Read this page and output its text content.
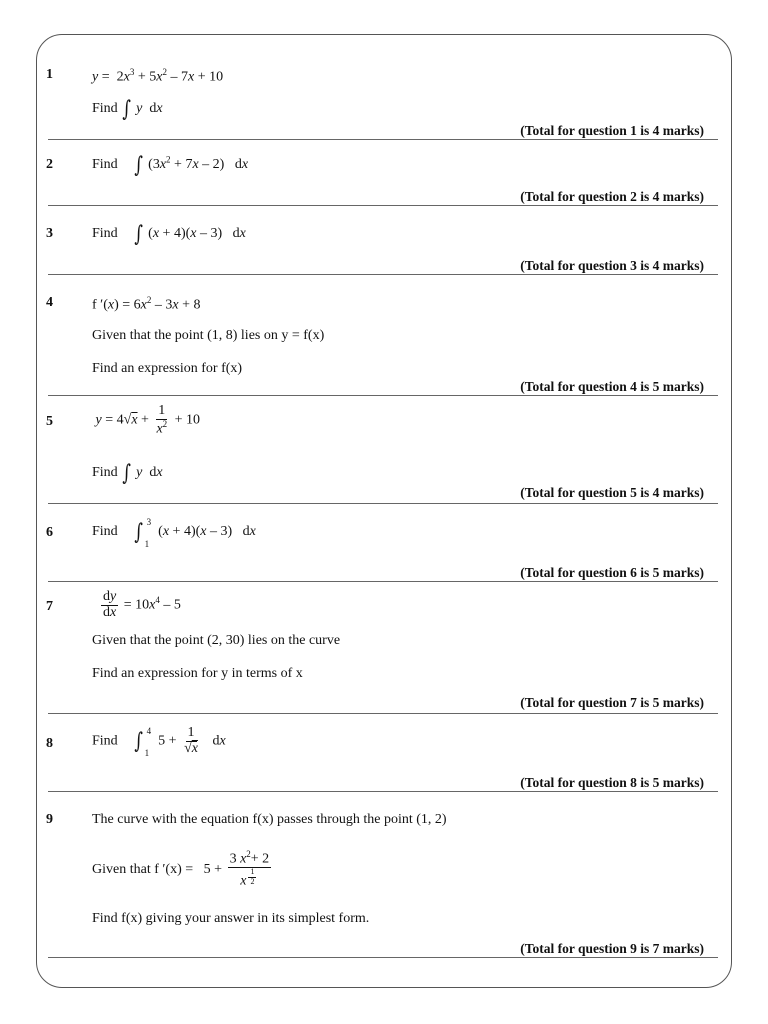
1	$y = 2x^3 + 5x^2 - 7x + 10$
Find ∫ y  dx
(Total for question 1 is 4 marks)
2	Find ∫ $(3x^2 + 7x - 2)$   dx
(Total for question 2 is 4 marks)
3	Find ∫ (x + 4)(x – 3)   dx
(Total for question 3 is 4 marks)
4	f $'(x) = 6x^2 - 3x + 8$
Given that the point (1, 8) lies on y = f(x)
Find an expression for f(x)
(Total for question 4 is 5 marks)
5	$y = 4√x + \frac{1}{x^2} + 10$
Find ∫ y  dx
(Total for question 5 is 4 marks)
6	Find ∫ 3
1
(x + 4)(x – 3)   dx
(Total for question 6 is 5 marks)
7
	$\frac{dy}{dx} = 10x^4 - 5$
Given that the point (2, 30) lies on the curve
Find an expression for y in terms of x
(Total for question 7 is 5 marks)
8	Find ∫ 4
1
$5 + \frac{1}{√x}$ dx
(Total for question 8 is 5 marks)
9	The curve with the equation f(x) passes through the point (1, 2)
Given that f ′(x) =   5 + 3 $x^2+ 2$
x $^{\frac{1}{2}}$
Find f(x) giving your answer in its simplest form.
(Total for question 9 is 7 marks)
